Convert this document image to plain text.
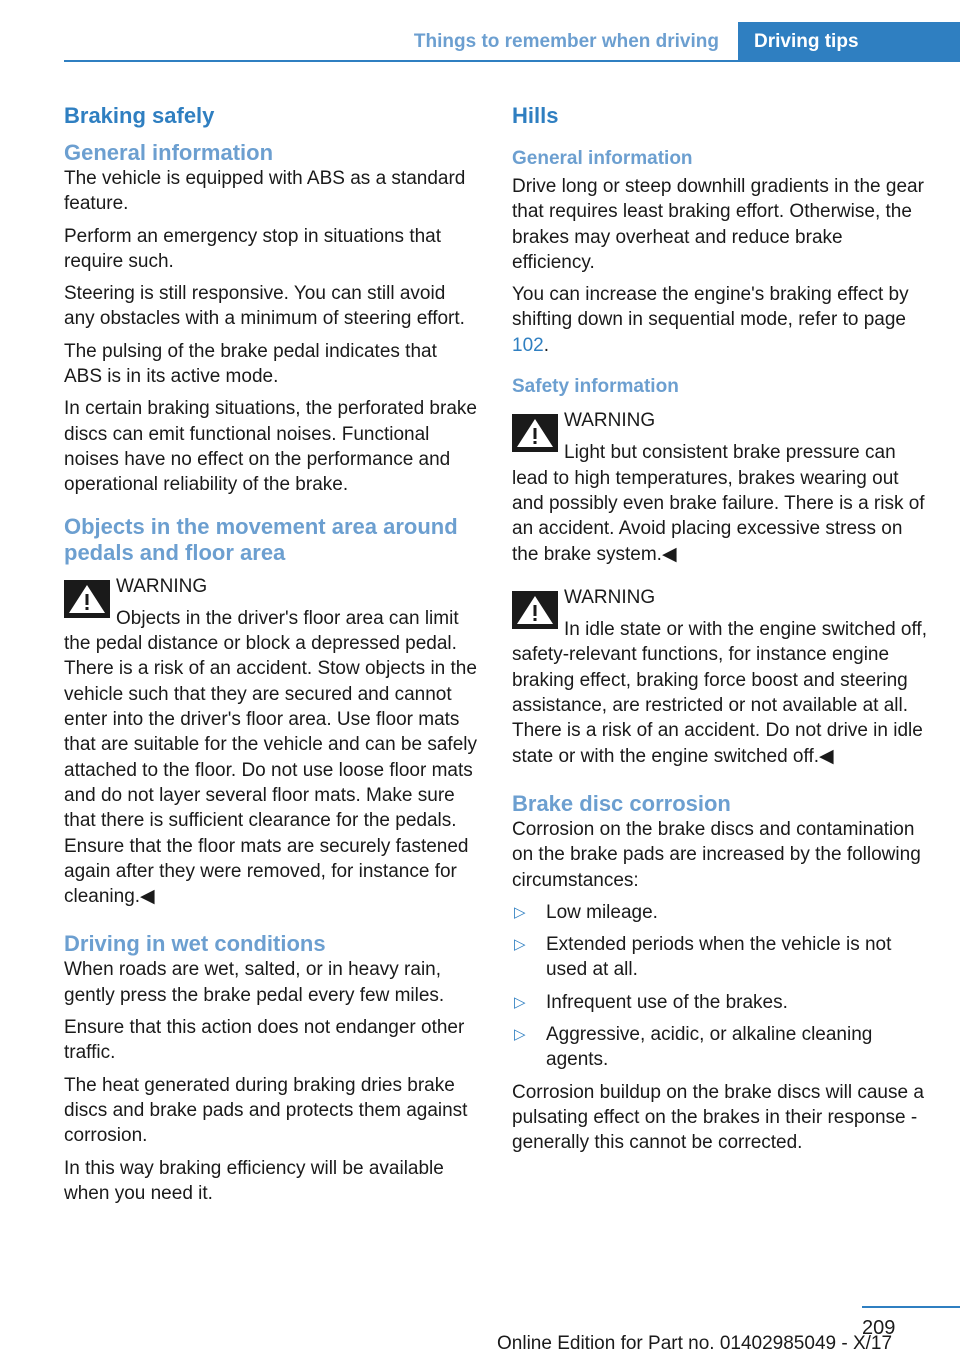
Things to remember when driving	Driving tips
Braking safely
General information

The vehicle is equipped with ABS as a standard feature.

Perform an emergency stop in situations that require such.

Steering is still responsive. You can still avoid any obstacles with a minimum of steering effort.

The pulsing of the brake pedal indicates that ABS is in its active mode.

In certain braking situations, the perforated brake discs can emit functional noises. Functional noises have no effect on the performance and operational reliability of the brake.

Objects in the movement area around pedals and floor area
WARNING
Objects in the driver's floor area can limit the pedal distance or block a depressed pedal. There is a risk of an accident. Stow objects in the vehicle such that they are secured and cannot enter into the driver's floor area. Use floor mats that are suitable for the vehicle and can be safely attached to the floor. Do not use loose floor mats and do not layer several floor mats. Make sure that there is sufficient clearance for the pedals. Ensure that the floor mats are securely fastened again after they were removed, for instance for cleaning.◀
Driving in wet conditions

When roads are wet, salted, or in heavy rain, gently press the brake pedal every few miles.

Ensure that this action does not endanger other traffic.

The heat generated during braking dries brake discs and brake pads and protects them against corrosion.

In this way braking efficiency will be available when you need it.

Hills
General information

Drive long or steep downhill gradients in the gear that requires least braking effort. Otherwise, the brakes may overheat and reduce brake efficiency.

You can increase the engine's braking effect by shifting down in sequential mode, refer to page 102.

Safety information
WARNING
Light but consistent brake pressure can lead to high temperatures, brakes wearing out and possibly even brake failure. There is a risk of an accident. Avoid placing excessive stress on the brake system.◀
WARNING
In idle state or with the engine switched off, safety-relevant functions, for instance engine braking effect, braking force boost and steering assistance, are restricted or not available at all. There is a risk of an accident. Do not drive in idle state or with the engine switched off.◀
Brake disc corrosion

Corrosion on the brake discs and contamination on the brake pads are increased by the following circumstances:

▷ Low mileage.
▷ Extended periods when the vehicle is not used at all.
▷ Infrequent use of the brakes.
▷ Aggressive, acidic, or alkaline cleaning agents.

Corrosion buildup on the brake discs will cause a pulsating effect on the brakes in their response - generally this cannot be corrected.

209
Online Edition for Part no. 01402985049 - X/17
